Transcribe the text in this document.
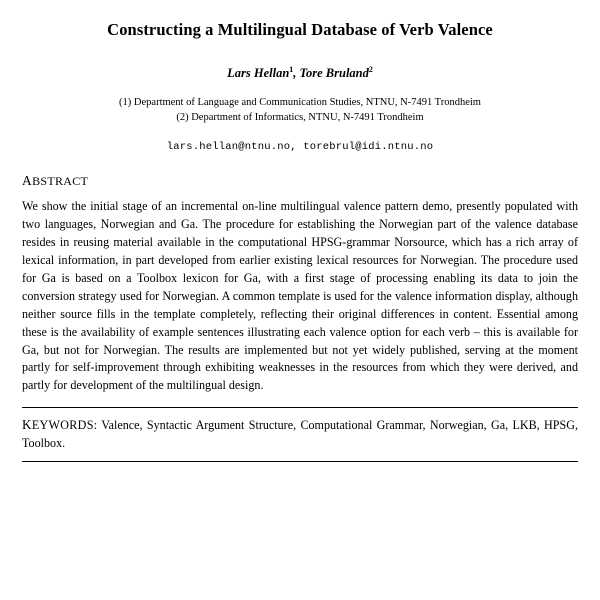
Constructing a Multilingual Database of Verb Valence
Lars Hellan$^1$, Tore Bruland$^2$
(1) Department of Language and Communication Studies, NTNU, N-7491 Trondheim
(2) Department of Informatics, NTNU, N-7491 Trondheim
lars.hellan@ntnu.no, torebrul@idi.ntnu.no
ABSTRACT

We show the initial stage of an incremental on-line multilingual valence pattern demo, presently populated with two languages, Norwegian and Ga. The procedure for establishing the Norwegian part of the valence database resides in reusing material available in the computational HPSG-grammar Norsource, which has a rich array of lexical information, in part developed from earlier existing lexical resources for Norwegian. The procedure used for Ga is based on a Toolbox lexicon for Ga, with a first stage of processing enabling its data to join the conversion strategy used for Norwegian. A common template is used for the valence information display, although neither source fills in the template completely, reflecting their original differences in content. Essential among these is the availability of example sentences illustrating each valence option for each verb – this is available for Ga, but not for Norwegian. The results are implemented but not yet widely published, serving at the moment partly for self-improvement through exhibiting weaknesses in the resources from which they were derived, and partly for development of the multilingual design.

KEYWORDS: Valence, Syntactic Argument Structure, Computational Grammar, Norwegian, Ga, LKB, HPSG, Toolbox.
